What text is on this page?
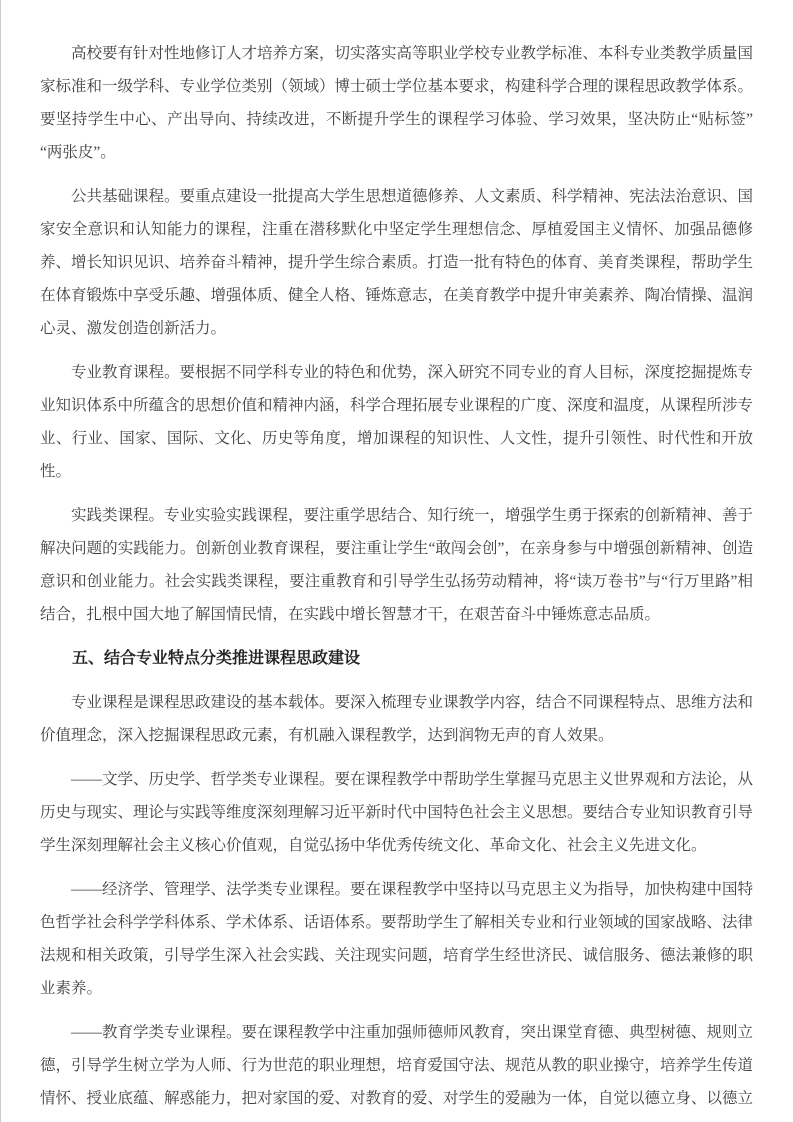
高校要有针对性地修订人才培养方案，切实落实高等职业学校专业教学标准、本科专业类教学质量国家标准和一级学科、专业学位类别（领域）博士硕士学位基本要求，构建科学合理的课程思政教学体系。要坚持学生中心、产出导向、持续改进，不断提升学生的课程学习体验、学习效果，坚决防止“贴标签”“两张皮”。

公共基础课程。要重点建设一批提高大学生思想道德修养、人文素质、科学精神、宪法法治意识、国家安全意识和认知能力的课程，注重在潜移默化中坚定学生理想信念、厚植爱国主义情怀、加强品德修养、增长知识见识、培养奋斗精神，提升学生综合素质。打造一批有特色的体育、美育类课程，帮助学生在体育锻炼中享受乐趣、增强体质、健全人格、锤炼意志，在美育教学中提升审美素养、陶冶情操、温润心灵、激发创造创新活力。

专业教育课程。要根据不同学科专业的特色和优势，深入研究不同专业的育人目标，深度挖掘提炼专业知识体系中所蕴含的思想价值和精神内涵，科学合理拓展专业课程的广度、深度和温度，从课程所涉专业、行业、国家、国际、文化、历史等角度，增加课程的知识性、人文性，提升引领性、时代性和开放性。

实践类课程。专业实验实践课程，要注重学思结合、知行统一，增强学生勇于探索的创新精神、善于解决问题的实践能力。创新创业教育课程，要注重让学生“敢闯会创”，在亲身参与中增强创新精神、创造意识和创业能力。社会实践类课程，要注重教育和引导学生弘扬劳动精神，将“读万卷书”与“行万里路”相结合，扎根中国大地了解国情民情，在实践中增长智慧才干，在艰苦奋斗中锤炼意志品质。

五、结合专业特点分类推进课程思政建设

专业课程是课程思政建设的基本载体。要深入梳理专业课教学内容，结合不同课程特点、思维方法和价值理念，深入挖掘课程思政元素，有机融入课程教学，达到润物无声的育人效果。

——文学、历史学、哲学类专业课程。要在课程教学中帮助学生掌握马克思主义世界观和方法论，从历史与现实、理论与实践等维度深刻理解习近平新时代中国特色社会主义思想。要结合专业知识教育引导学生深刻理解社会主义核心价值观，自觉弘扬中华优秀传统文化、革命文化、社会主义先进文化。

——经济学、管理学、法学类专业课程。要在课程教学中坚持以马克思主义为指导，加快构建中国特色哲学社会科学学科体系、学术体系、话语体系。要帮助学生了解相关专业和行业领域的国家战略、法律法规和相关政策，引导学生深入社会实践、关注现实问题，培育学生经世济民、诚信服务、德法兼修的职业素养。

——教育学类专业课程。要在课程教学中注重加强师德师风教育，突出课堂育德、典型树德、规则立德，引导学生树立学为人师、行为世范的职业理想，培育爱国守法、规范从教的职业操守，培养学生传道情怀、授业底蕴、解惑能力，把对家国的爱、对教育的爱、对学生的爱融为一体，自觉以德立身、以德立
